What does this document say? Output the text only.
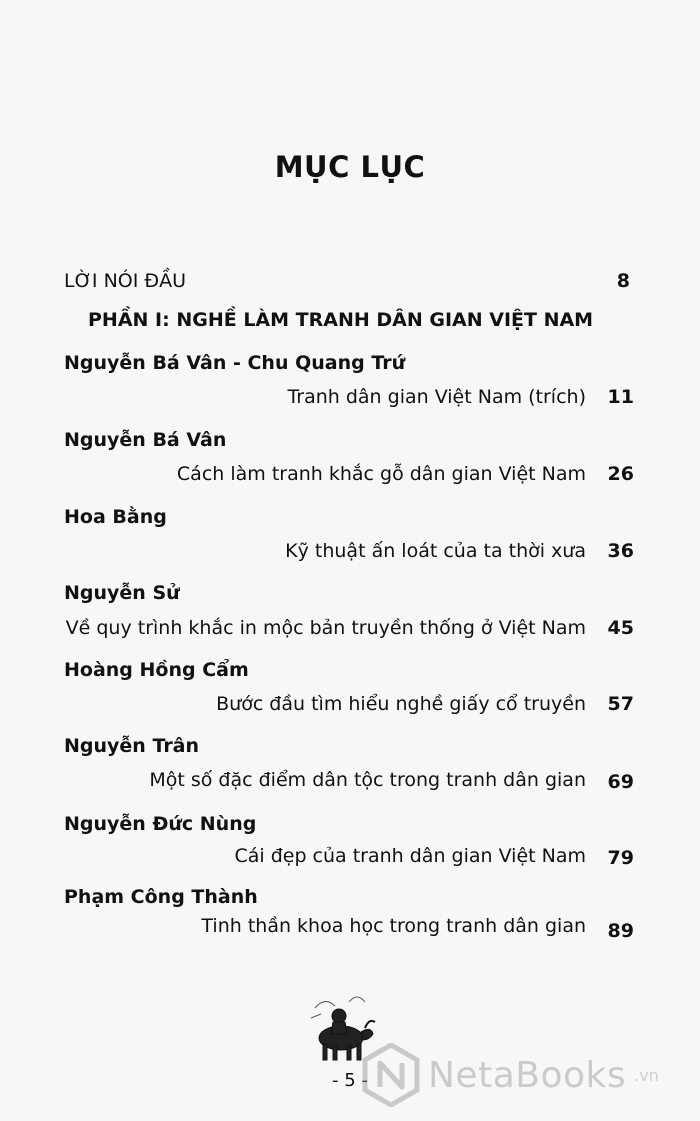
MỤC LỤC
LỜI NÓI ĐẦU	8
PHẦN I: NGHỀ LÀM TRANH DÂN GIAN VIỆT NAM
Nguyễn Bá Vân - Chu Quang Trứ
Tranh dân gian Việt Nam (trích) 11
Nguyễn Bá Vân
Cách làm tranh khắc gỗ dân gian Việt Nam 26
Hoa Bằng
Kỹ thuật ấn loát của ta thời xưa 36
Nguyễn Sử
Về quy trình khắc in mộc bản truyền thống ở Việt Nam 45
Hoàng Hồng Cẩm
Bước đầu tìm hiểu nghề giấy cổ truyền 57
Nguyễn Trân
Một số đặc điểm dân tộc trong tranh dân gian 69
Nguyễn Đức Nùng
Cái đẹp của tranh dân gian Việt Nam 79
Phạm Công Thành
Tinh thần khoa học trong tranh dân gian 89
- 5 -	NetaBooks .vn
